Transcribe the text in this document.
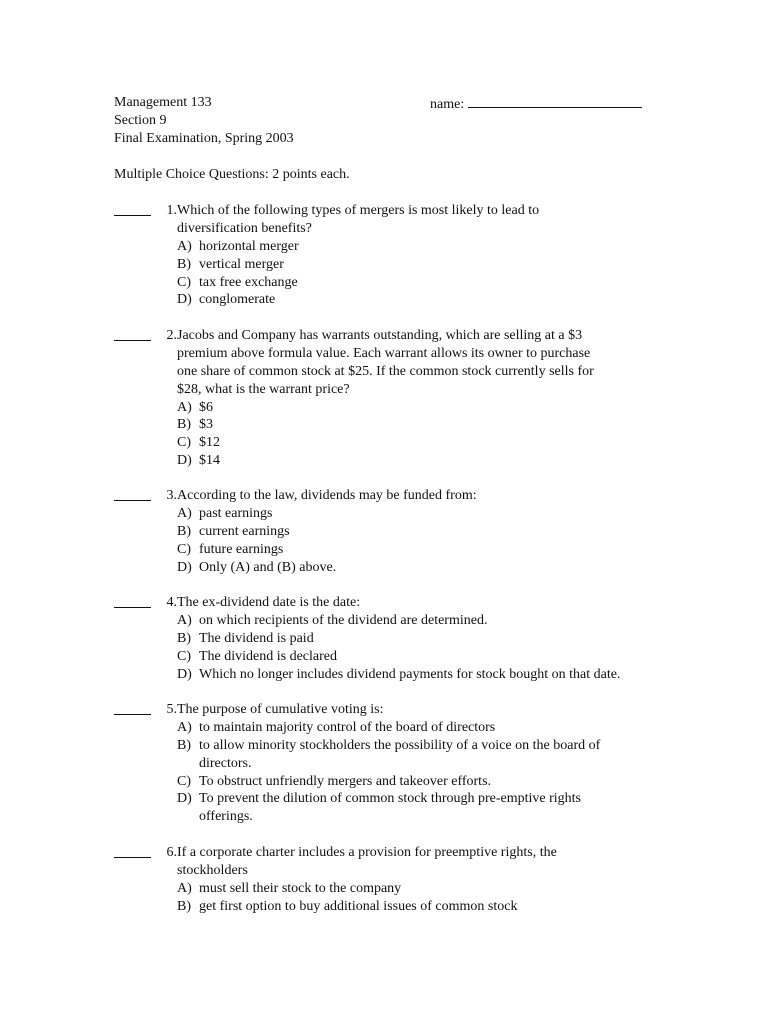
Management 133
Section 9
Final Examination, Spring 2003
name:
Multiple Choice Questions: 2 points each.
1. Which of the following types of mergers is most likely to lead to
diversification benefits?
A) horizontal merger
B) vertical merger
C) tax free exchange
D) conglomerate
2. Jacobs and Company has warrants outstanding, which are selling at a $3
premium above formula value. Each warrant allows its owner to purchase
one share of common stock at $25. If the common stock currently sells for
$28, what is the warrant price?
A) $6
B) $3
C) $12
D) $14
3. According to the law, dividends may be funded from:
A) past earnings
B) current earnings
C) future earnings
D) Only (A) and (B) above.
4. The ex-dividend date is the date:
A) on which recipients of the dividend are determined.
B) The dividend is paid
C) The dividend is declared
D) Which no longer includes dividend payments for stock bought on that date.
5. The purpose of cumulative voting is:
A) to maintain majority control of the board of directors
B) to allow minority stockholders the possibility of a voice on the board of
directors.
C) To obstruct unfriendly mergers and takeover efforts.
D) To prevent the dilution of common stock through pre-emptive rights
offerings.
6. If a corporate charter includes a provision for preemptive rights, the
stockholders
A) must sell their stock to the company
B) get first option to buy additional issues of common stock
